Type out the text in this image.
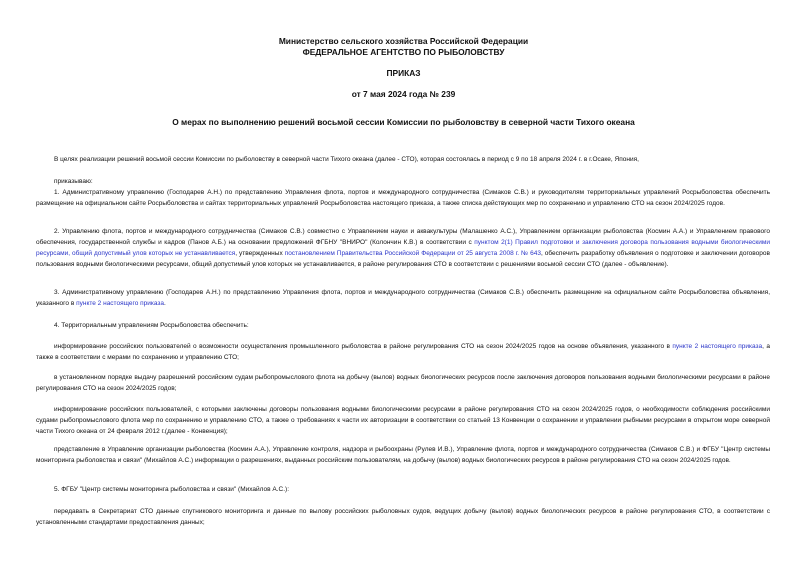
Министерство сельского хозяйства Российской Федерации
ФЕДЕРАЛЬНОЕ АГЕНТСТВО ПО РЫБОЛОВСТВУ
ПРИКАЗ
от 7 мая 2024 года № 239
О мерах по выполнению решений восьмой сессии Комиссии по рыболовству в северной части Тихого океана
В целях реализации решений восьмой сессии Комиссии по рыболовству в северной части Тихого океана (далее - СТО), которая состоялась в период с 9 по 18 апреля 2024 г. в г.Осаке, Япония,
приказываю:
1. Административному управлению (Господарев А.Н.) по представлению Управления флота, портов и международного сотрудничества (Симаков С.В.) и руководителям территориальных управлений Росрыболовства обеспечить размещение на официальном сайте Росрыболовства и сайтах территориальных управлений Росрыболовства настоящего приказа, а также списка действующих мер по сохранению и управлению СТО на сезон 2024/2025 годов.
2. Управлению флота, портов и международного сотрудничества (Симаков С.В.) совместно с Управлением науки и аквакультуры (Малашенко А.С.), Управлением организации рыболовства (Космин А.А.) и Управлением правового обеспечения, государственной службы и кадров (Панов А.Б.) на основании предложений ФГБНУ "ВНИРО" (Колончин К.В.) в соответствии с пунктом 2(1) Правил подготовки и заключения договора пользования водными биологическими ресурсами, общий допустимый улов которых не устанавливается, утвержденных постановлением Правительства Российской Федерации от 25 августа 2008 г. № 643, обеспечить разработку объявления о подготовке и заключении договоров пользования водными биологическими ресурсами, общий допустимый улов которых не устанавливается, в районе регулирования СТО в соответствии с решениями восьмой сессии СТО (далее - объявление).
3. Административному управлению (Господарев А.Н.) по представлению Управления флота, портов и международного сотрудничества (Симаков С.В.) обеспечить размещение на официальном сайте Росрыболовства объявления, указанного в пункте 2 настоящего приказа.
4. Территориальным управлениям Росрыболовства обеспечить:
информирование российских пользователей о возможности осуществления промышленного рыболовства в районе регулирования СТО на сезон 2024/2025 годов на основе объявления, указанного в пункте 2 настоящего приказа, а также в соответствии с мерами по сохранению и управлению СТО;
в установленном порядке выдачу разрешений российским судам рыбопромыслового флота на добычу (вылов) водных биологических ресурсов после заключения договоров пользования водными биологическими ресурсами в районе регулирования СТО на сезон 2024/2025 годов;
информирование российских пользователей, с которыми заключены договоры пользования водными биологическими ресурсами в районе регулирования СТО на сезон 2024/2025 годов, о необходимости соблюдения российскими судами рыбопромыслового флота мер по сохранению и управлению СТО, а также о требованиях к части их авторизации в соответствии со статьей 13 Конвенции о сохранении и управлении рыбными ресурсами в открытом море северной части Тихого океана от 24 февраля 2012 г.(далее - Конвенция);
представление в Управление организации рыболовства (Космин А.А.), Управление контроля, надзора и рыбоохраны (Рулев И.В.), Управление флота, портов и международного сотрудничества (Симаков С.В.) и ФГБУ "Центр системы мониторинга рыболовства и связи" (Михайлов А.С.) информации о разрешениях, выданных российским пользователям, на добычу (вылов) водных биологических ресурсов в районе регулирования СТО на сезон 2024/2025 годов.
5. ФГБУ "Центр системы мониторинга рыболовства и связи" (Михайлов А.С.):
передавать в Секретариат СТО данные спутникового мониторинга и данные по вылову российских рыболовных судов, ведущих добычу (вылов) водных биологических ресурсов в районе регулирования СТО, в соответствии с установленными стандартами предоставления данных;
